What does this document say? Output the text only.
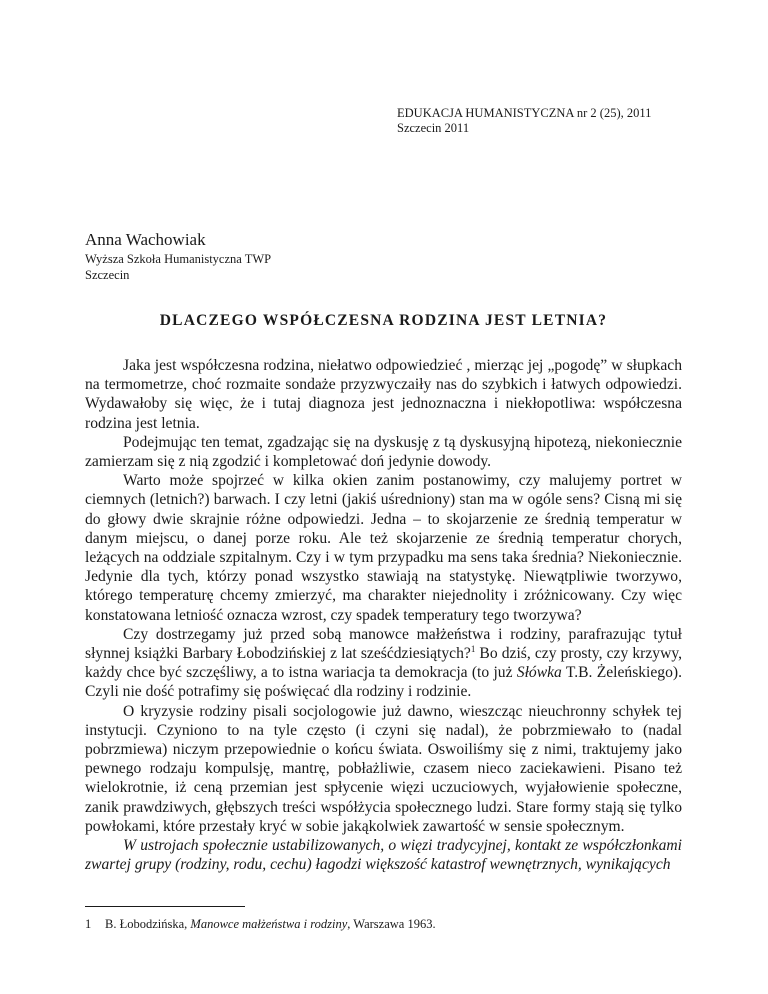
EDUKACJA HUMANISTYCZNA nr 2 (25), 2011
Szczecin 2011
Anna Wachowiak
Wyższa Szkoła Humanistyczna TWP
Szczecin
DLACZEGO WSPÓŁCZESNA RODZINA JEST LETNIA?

Jaka jest współczesna rodzina, niełatwo odpowiedzieć , mierząc jej „pogodę” w słupkach na termometrze, choć rozmaite sondaże przyzwyczaiły nas do szybkich i łatwych odpowiedzi. Wydawałoby się więc, że i tutaj diagnoza jest jednoznaczna i niekłopotliwa: współczesna rodzina jest letnia.

Podejmując ten temat, zgadzając się na dyskusję z tą dyskusyjną hipotezą, niekoniecznie zamierzam się z nią zgodzić i kompletować doń jedynie dowody.

Warto może spojrzeć w kilka okien zanim postanowimy, czy malujemy portret w ciemnych (letnich?) barwach. I czy letni (jakiś uśredniony) stan ma w ogóle sens? Cisną mi się do głowy dwie skrajnie różne odpowiedzi. Jedna – to skojarzenie ze średnią temperatur w danym miejscu, o danej porze roku. Ale też skojarzenie ze średnią temperatur chorych, leżących na oddziale szpitalnym. Czy i w tym przypadku ma sens taka średnia? Niekoniecznie. Jedynie dla tych, którzy ponad wszystko stawiają na statystykę. Niewątpliwie tworzywo, którego temperaturę chcemy zmierzyć, ma charakter niejednolity i zróżnicowany. Czy więc konstatowana letniość oznacza wzrost, czy spadek temperatury tego tworzywa?

Czy dostrzegamy już przed sobą manowce małżeństwa i rodziny, parafrazując tytuł słynnej książki Barbary Łobodzińskiej z lat sześćdziesiątych?$^1$ Bo dziś, czy prosty, czy krzywy, każdy chce być szczęśliwy, a to istna wariacja ta demokracja (to już Słówka T.B. Żeleńskiego). Czyli nie dość potrafimy się poświęcać dla rodziny i rodzinie.

O kryzysie rodziny pisali socjologowie już dawno, wieszcząc nieuchronny schyłek tej instytucji. Czyniono to na tyle często (i czyni się nadal), że pobrzmiewało to (nadal pobrzmiewa) niczym przepowiednie o końcu świata. Oswoiliśmy się z nimi, traktujemy jako pewnego rodzaju kompulsję, mantrę, pobłażliwie, czasem nieco zaciekawieni. Pisano też wielokrotnie, iż ceną przemian jest spłycenie więzi uczuciowych, wyjałowienie społeczne, zanik prawdziwych, głębszych treści współżycia społecznego ludzi. Stare formy stają się tylko powłokami, które przestały kryć w sobie jakąkolwiek zawartość w sensie społecznym.

W ustrojach społecznie ustabilizowanych, o więzi tradycyjnej, kontakt ze współczłonkami zwartej grupy (rodziny, rodu, cechu) łagodzi większość katastrof wewnętrznych, wynikających

1 B. Łobodzińska, Manowce małżeństwa i rodziny, Warszawa 1963.
